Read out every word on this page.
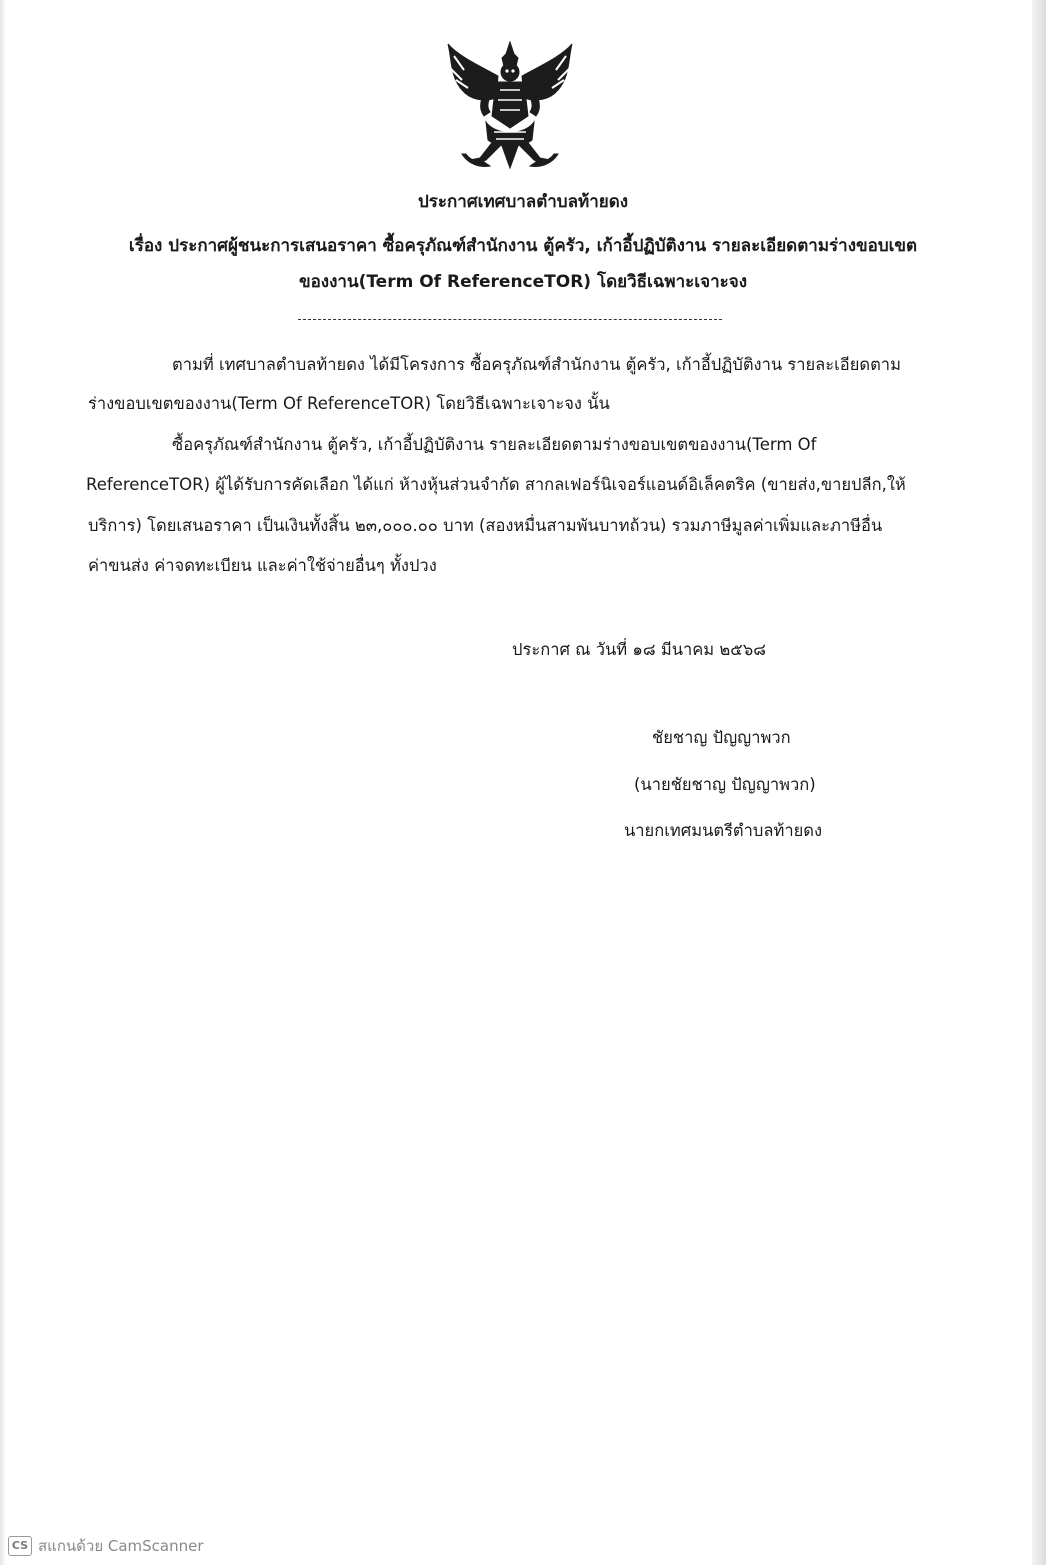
ประกาศเทศบาลตำบลท้ายดง
เรื่อง ประกาศผู้ชนะการเสนอราคา ซื้อครุภัณฑ์สำนักงาน ตู้ครัว, เก้าอี้ปฏิบัติงาน รายละเอียดตามร่างขอบเขต
ของงาน(Term Of ReferenceTOR) โดยวิธีเฉพาะเจาะจง
ตามที่ เทศบาลตำบลท้ายดง ได้มีโครงการ ซื้อครุภัณฑ์สำนักงาน ตู้ครัว, เก้าอี้ปฏิบัติงาน รายละเอียดตาม
ร่างขอบเขตของงาน(Term Of ReferenceTOR) โดยวิธีเฉพาะเจาะจง นั้น
ซื้อครุภัณฑ์สำนักงาน ตู้ครัว, เก้าอี้ปฏิบัติงาน รายละเอียดตามร่างขอบเขตของงาน(Term Of
ReferenceTOR) ผู้ได้รับการคัดเลือก ได้แก่ ห้างหุ้นส่วนจำกัด สากลเฟอร์นิเจอร์แอนด์อิเล็คตริค (ขายส่ง,ขายปลีก,ให้
บริการ) โดยเสนอราคา เป็นเงินทั้งสิ้น ๒๓,๐๐๐.๐๐ บาท (สองหมื่นสามพันบาทถ้วน) รวมภาษีมูลค่าเพิ่มและภาษีอื่น
ค่าขนส่ง ค่าจดทะเบียน และค่าใช้จ่ายอื่นๆ ทั้งปวง
ประกาศ ณ วันที่ ๑๘ มีนาคม ๒๕๖๘
ชัยชาญ ปัญญาพวก
(นายชัยชาญ ปัญญาพวก)
นายกเทศมนตรีตำบลท้ายดง
CS สแกนด้วย CamScanner
